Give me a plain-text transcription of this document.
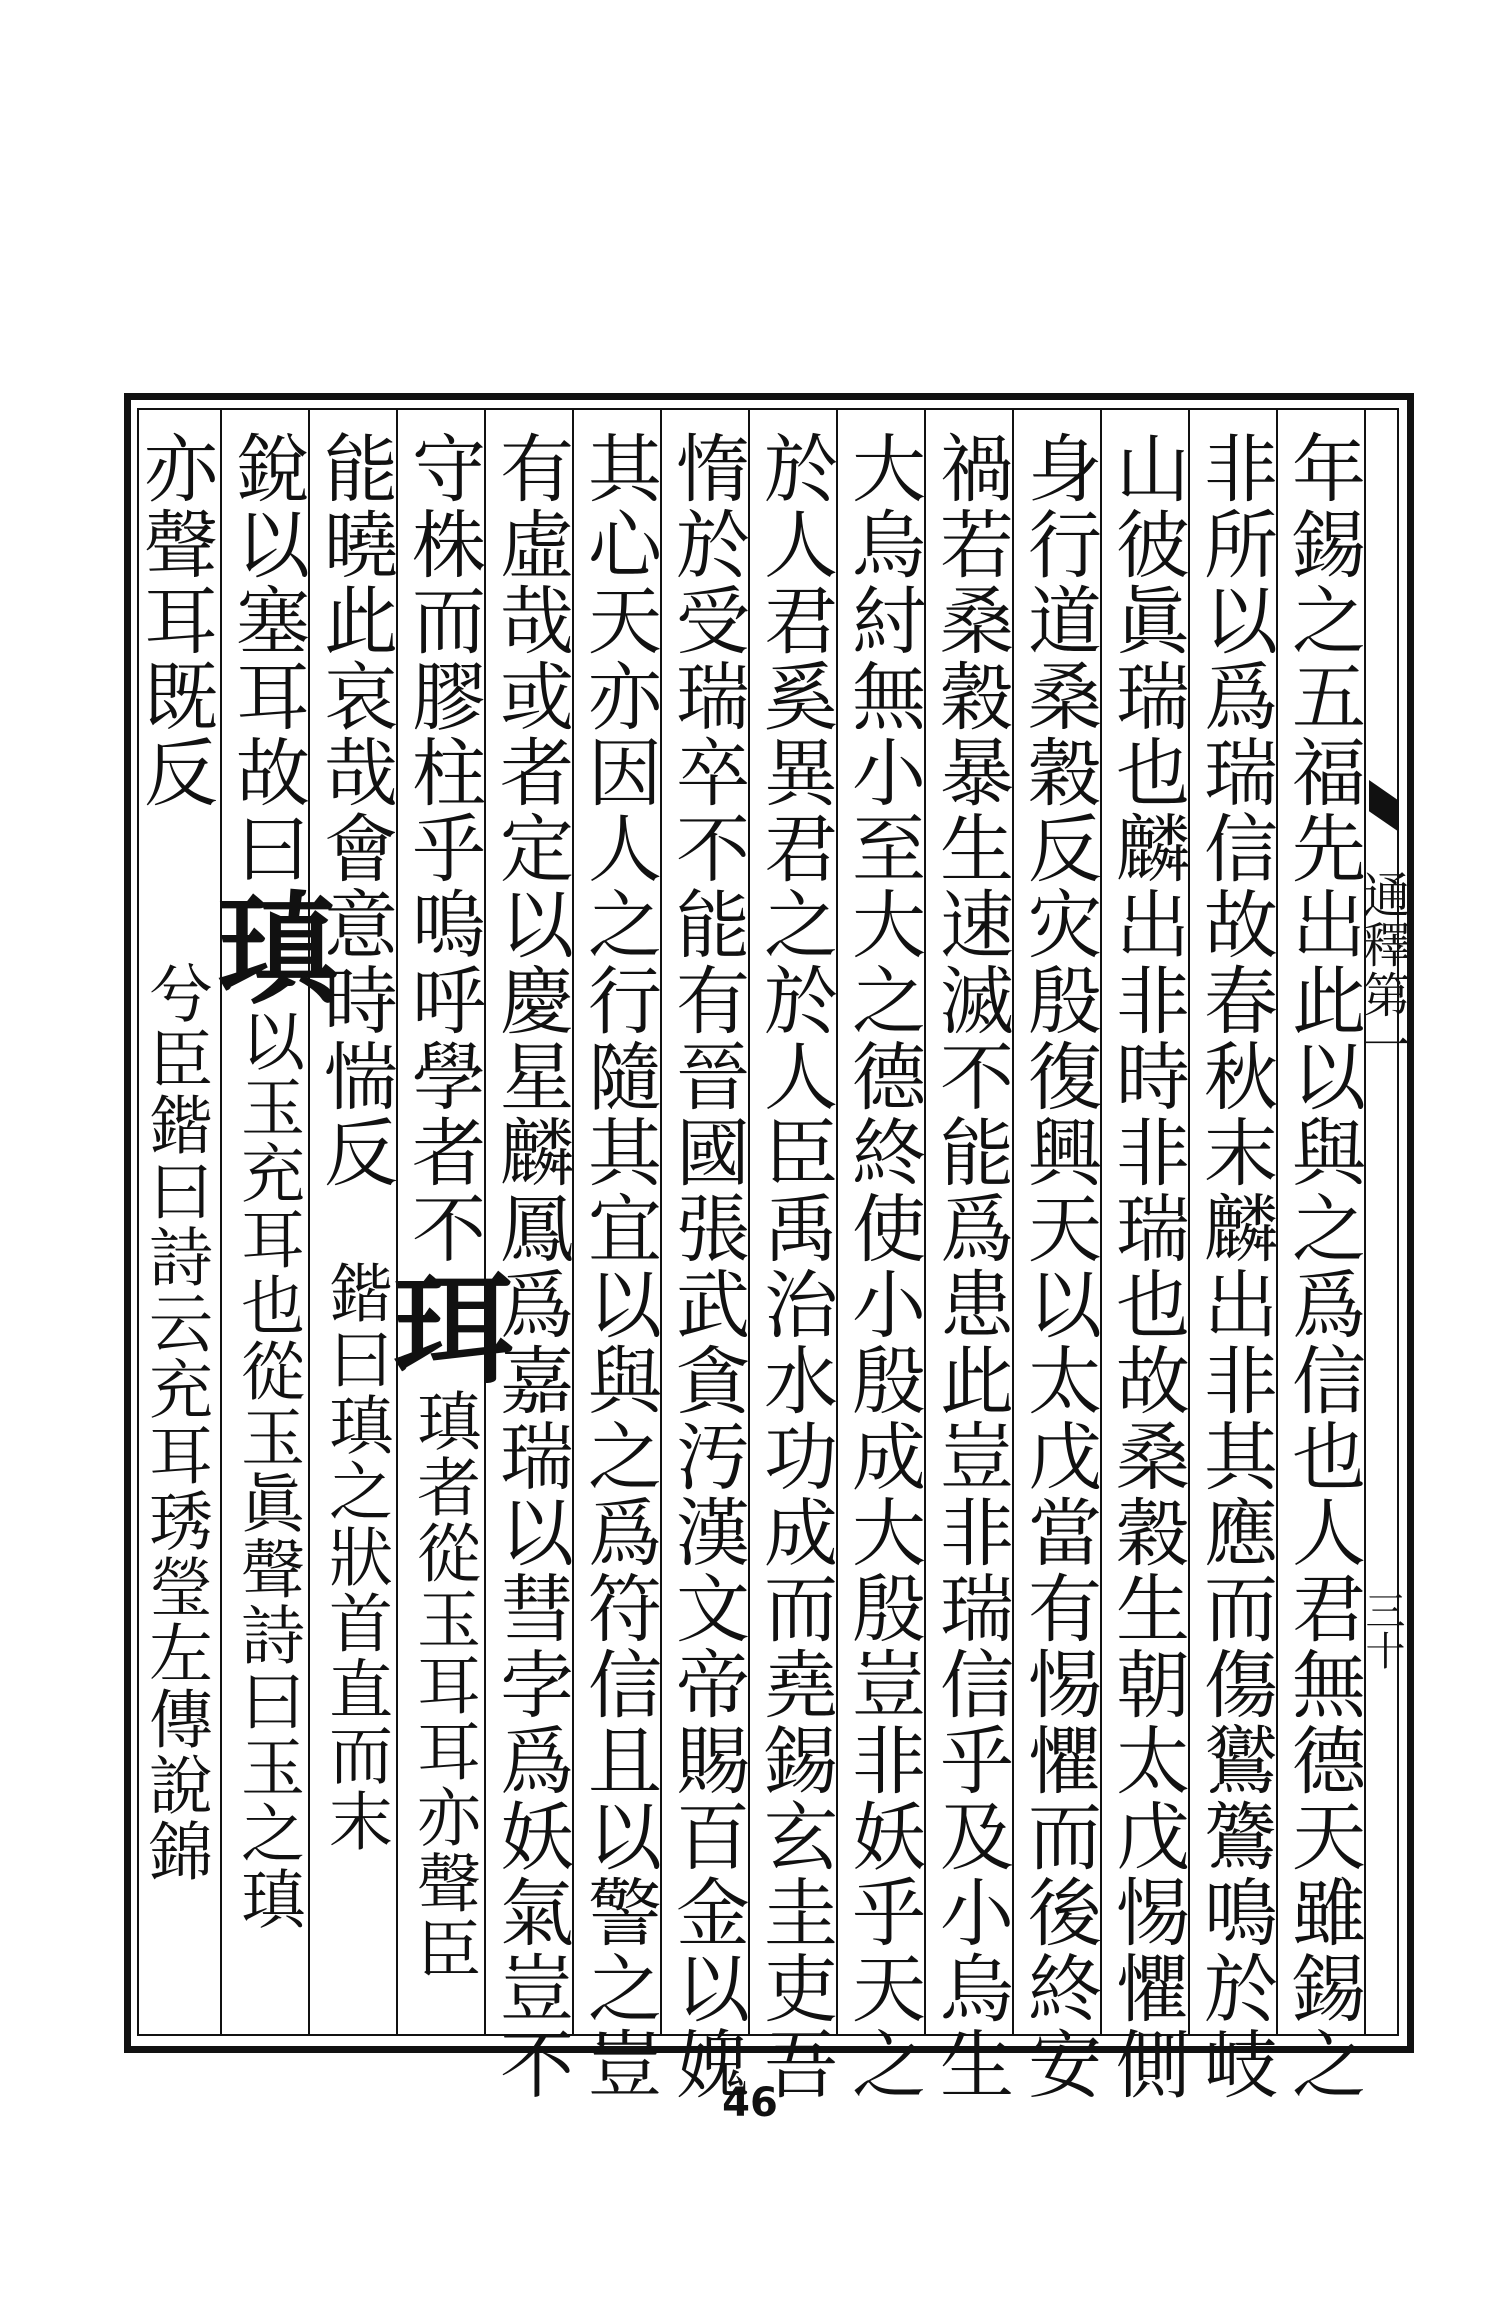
通釋第一
三十
年錫之五福先出此以與之爲信也人君無德天雖錫之
非所以爲瑞信故春秋末麟出非其應而傷鸑鷟鳴於岐
山彼眞瑞也麟出非時非瑞也故桑穀生朝太戊惕懼側
身行道桑穀反灾殷復興天以太戊當有惕懼而後終安
禍若桑穀暴生速滅不能爲患此豈非瑞信乎及小烏生
大烏紂無小至大之德終使小殷成大殷豈非妖乎天之
於人君奚異君之於人臣禹治水功成而堯錫玄圭吏吾
惰於受瑞卒不能有晉國張武貪汚漢文帝賜百金以媿
其心天亦因人之行隨其宜以與之爲符信且以警之豈
有虛哉或者定以慶星麟鳳爲嘉瑞以彗孛爲妖氣豈不
守株而膠柱乎嗚呼學者不珥瑱者從玉耳耳亦聲臣
能曉此哀哉會意時惴反鍇曰瑱之狀首直而末
銳以塞耳故曰瑱以玉充耳也從玉眞聲詩曰玉之瑱
亦聲耳既反兮臣鍇曰詩云充耳琇瑩左傳說錦
46
